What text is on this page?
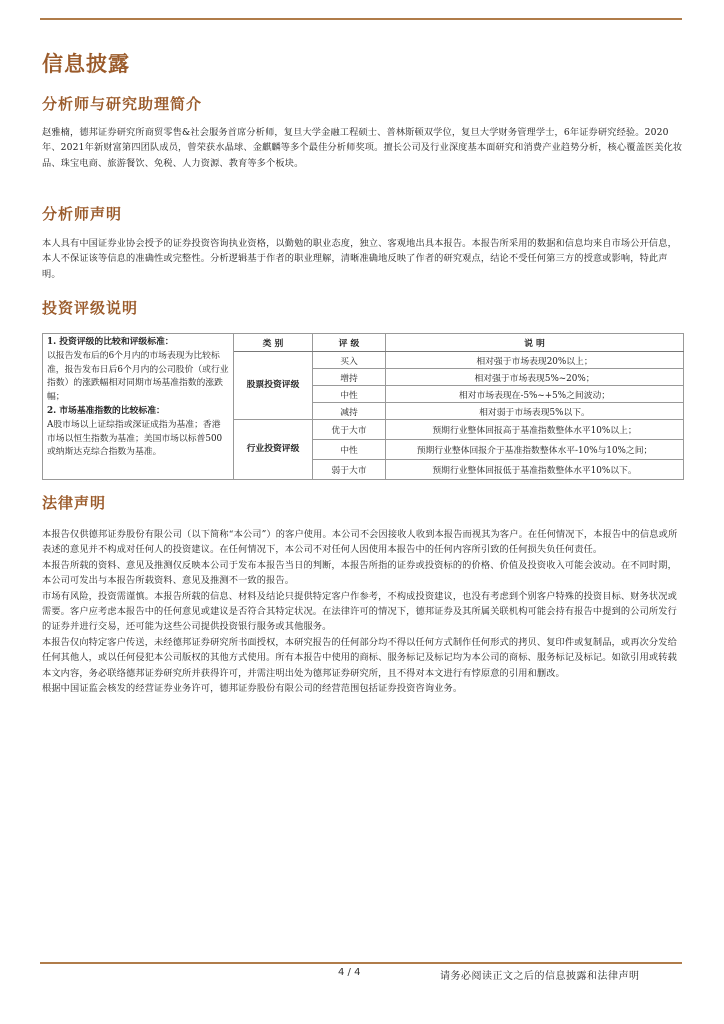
信息披露
分析师与研究助理简介

赵雅楠，德邦证券研究所商贸零售&社会服务首席分析师，复旦大学金融工程硕士、普林斯顿双学位，复旦大学财务管理学士，6年证券研究经验。2020年、2021年新财富第四团队成员，曾荣获水晶球、金麒麟等多个最佳分析师奖项。擅长公司及行业深度基本面研究和消费产业趋势分析，核心覆盖医美化妆品、珠宝电商、旅游餐饮、免税、人力资源、教育等多个板块。

分析师声明

本人具有中国证券业协会授予的证券投资咨询执业资格，以勤勉的职业态度，独立、客观地出具本报告。本报告所采用的数据和信息均来自市场公开信息，本人不保证该等信息的准确性或完整性。分析逻辑基于作者的职业理解，清晰准确地反映了作者的研究观点，结论不受任何第三方的授意或影响，特此声明。

投资评级说明
1. 投资评级的比较和评级标准：
以报告发布后的6个月内的市场表现为比较标准，报告发布日后6个月内的公司股价（或行业指数）的涨跌幅相对同期市场基准指数的涨跌幅；
2. 市场基准指数的比较标准：
A股市场以上证综指或深证成指为基准；香港市场以恒生指数为基准；美国市场以标普500或纳斯达克综合指数为基准。	类 别	评 级	说 明
	股票投资评级	买入	相对强于市场表现20%以上；
		增持	相对强于市场表现5%~20%；
		中性	相对市场表现在-5%~+5%之间波动；
		减持	相对弱于市场表现5%以下。
	行业投资评级	优于大市	预期行业整体回报高于基准指数整体水平10%以上；
		中性	预期行业整体回报介于基准指数整体水平-10%与10%之间；
		弱于大市	预期行业整体回报低于基准指数整体水平10%以下。
法律声明

本报告仅供德邦证券股份有限公司（以下简称“本公司”）的客户使用。本公司不会因接收人收到本报告而视其为客户。在任何情况下，本报告中的信息或所表述的意见并不构成对任何人的投资建议。在任何情况下，本公司不对任何人因使用本报告中的任何内容所引致的任何损失负任何责任。

本报告所载的资料、意见及推测仅反映本公司于发布本报告当日的判断，本报告所指的证券或投资标的的价格、价值及投资收入可能会波动。在不同时期，本公司可发出与本报告所载资料、意见及推测不一致的报告。

市场有风险，投资需谨慎。本报告所载的信息、材料及结论只提供特定客户作参考，不构成投资建议，也没有考虑到个别客户特殊的投资目标、财务状况或需要。客户应考虑本报告中的任何意见或建议是否符合其特定状况。在法律许可的情况下，德邦证券及其所属关联机构可能会持有报告中提到的公司所发行的证券并进行交易，还可能为这些公司提供投资银行服务或其他服务。

本报告仅向特定客户传送，未经德邦证券研究所书面授权，本研究报告的任何部分均不得以任何方式制作任何形式的拷贝、复印件或复制品，或再次分发给任何其他人，或以任何侵犯本公司版权的其他方式使用。所有本报告中使用的商标、服务标记及标记均为本公司的商标、服务标记及标记。如欲引用或转载本文内容，务必联络德邦证券研究所并获得许可，并需注明出处为德邦证券研究所，且不得对本文进行有悖原意的引用和删改。

根据中国证监会核发的经营证券业务许可，德邦证券股份有限公司的经营范围包括证券投资咨询业务。

4 / 4	请务必阅读正文之后的信息披露和法律声明
